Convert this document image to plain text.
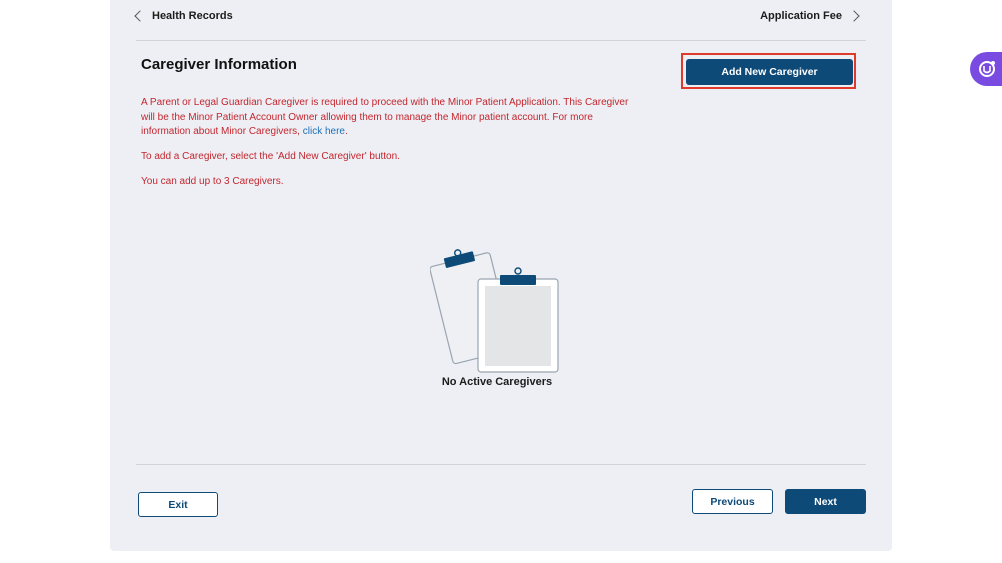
Health Records	Application Fee
Caregiver Information	Add New Caregiver

A Parent or Legal Guardian Caregiver is required to proceed with the Minor Patient Application. This Caregiver will be the Minor Patient Account Owner allowing them to manage the Minor patient account. For more information about Minor Caregivers, click here.

To add a Caregiver, select the 'Add New Caregiver' button.

You can add up to 3 Caregivers.

No Active Caregivers
Exit	Previous	Next
